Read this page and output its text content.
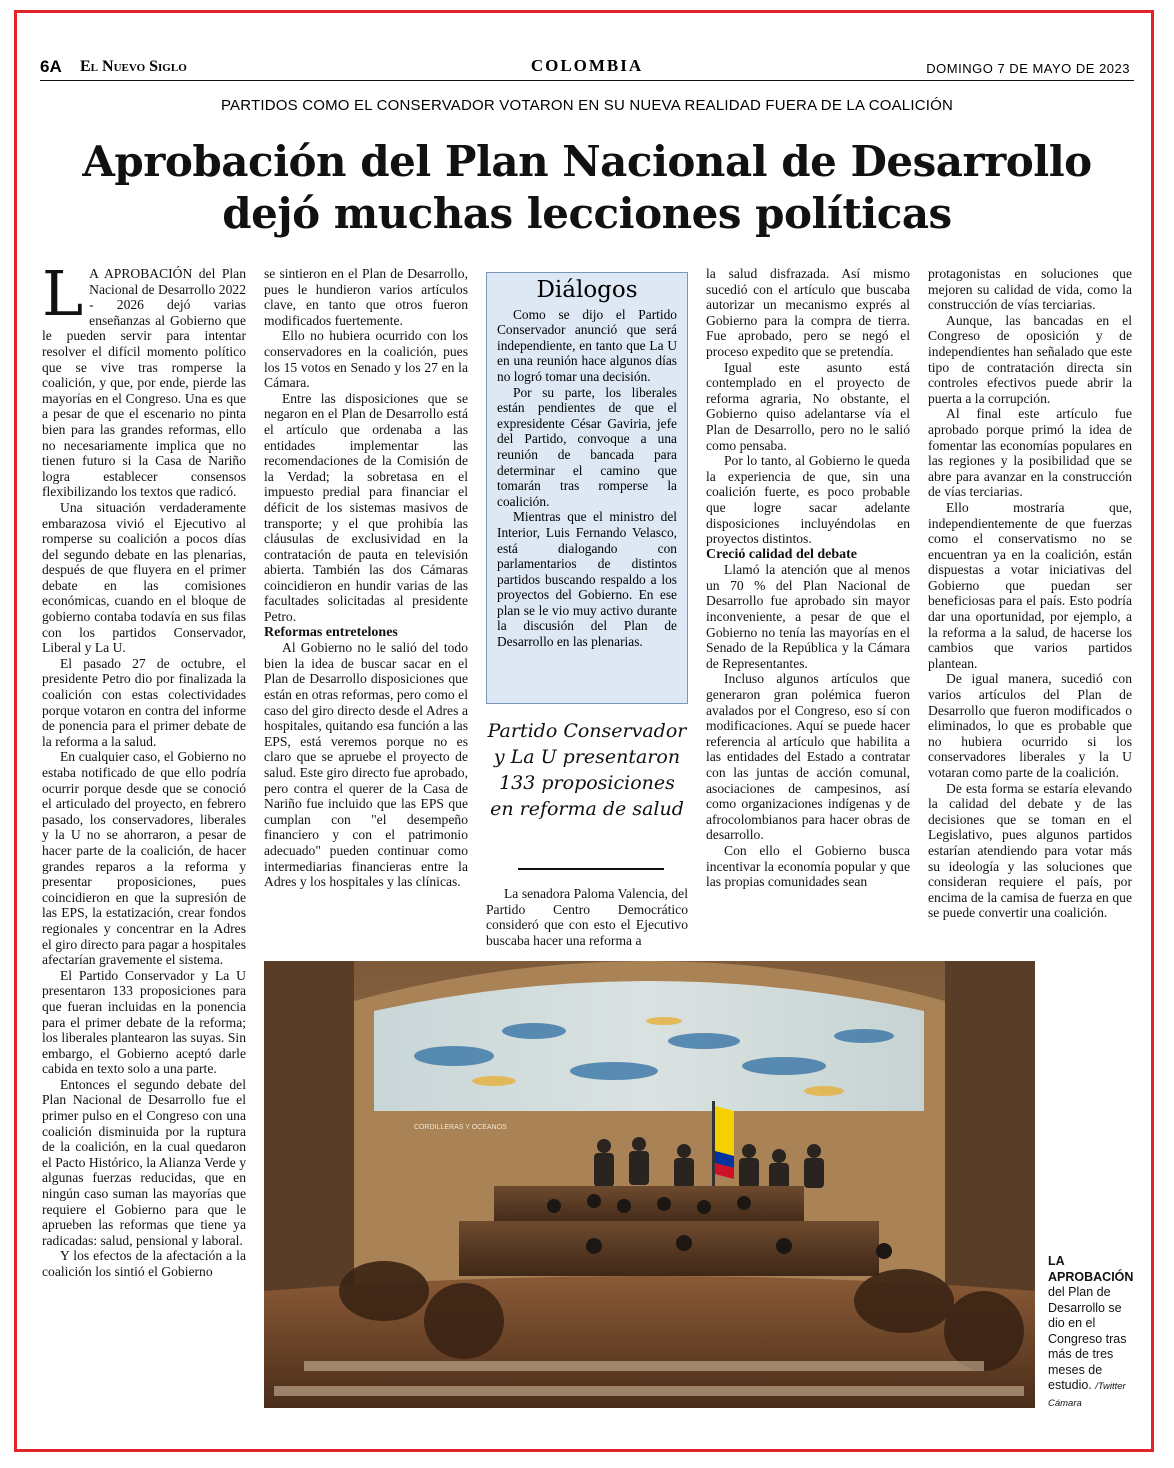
6A El Nuevo Siglo	COLOMBIA	DOMINGO 7 DE MAYO DE 2023
PARTIDOS COMO EL CONSERVADOR VOTARON EN SU NUEVA REALIDAD FUERA DE LA COALICIÓN
Aprobación del Plan Nacional de Desarrollo
dejó muchas lecciones políticas

L A APROBACIÓN del Plan Nacional de Desarrollo 2022 - 2026 dejó varias enseñanzas al Gobierno que le pueden servir para intentar resolver el difícil momento político que se vive tras romperse la coalición, y que, por ende, pierde las mayorías en el Congreso. Una es que a pesar de que el escenario no pinta bien para las grandes reformas, ello no necesariamente implica que no tienen futuro si la Casa de Nariño logra establecer consensos flexibilizando los textos que radicó.

Una situación verdaderamente embarazosa vivió el Ejecutivo al romperse su coalición a pocos días del segundo debate en las plenarias, después de que fluyera en el primer debate en las comisiones económicas, cuando en el bloque de gobierno contaba todavía en sus filas con los partidos Conservador, Liberal y La U.

El pasado 27 de octubre, el presidente Petro dio por finalizada la coalición con estas colectividades porque votaron en contra del informe de ponencia para el primer debate de la reforma a la salud.

En cualquier caso, el Gobierno no estaba notificado de que ello podría ocurrir porque desde que se conoció el articulado del proyecto, en febrero pasado, los conservadores, liberales y la U no se ahorraron, a pesar de hacer parte de la coalición, de hacer grandes reparos a la reforma y presentar proposiciones, pues coincidieron en que la supresión de las EPS, la estatización, crear fondos regionales y concentrar en la Adres el giro directo para pagar a hospitales afectarían gravemente el sistema.

El Partido Conservador y La U presentaron 133 proposiciones para que fueran incluidas en la ponencia para el primer debate de la reforma; los liberales plantearon las suyas. Sin embargo, el Gobierno aceptó darle cabida en texto solo a una parte.

Entonces el segundo debate del Plan Nacional de Desarrollo fue el primer pulso en el Congreso con una coalición disminuida por la ruptura de la coalición, en la cual quedaron el Pacto Histórico, la Alianza Verde y algunas fuerzas reducidas, que en ningún caso suman las mayorías que requiere el Gobierno para que le aprueben las reformas que tiene ya radicadas: salud, pensional y laboral.

Y los efectos de la afectación a la coalición los sintió el Gobierno

se sintieron en el Plan de Desarrollo, pues le hundieron varios artículos clave, en tanto que otros fueron modificados fuertemente.

Ello no hubiera ocurrido con los conservadores en la coalición, pues los 15 votos en Senado y los 27 en la Cámara.

Entre las disposiciones que se negaron en el Plan de Desarrollo está el artículo que ordenaba a las entidades implementar las recomendaciones de la Comisión de la Verdad; la sobretasa en el impuesto predial para financiar el déficit de los sistemas masivos de transporte; y el que prohibía las cláusulas de exclusividad en la contratación de pauta en televisión abierta. También las dos Cámaras coincidieron en hundir varias de las facultades solicitadas al presidente Petro.

Reformas entretelones

Al Gobierno no le salió del todo bien la idea de buscar sacar en el Plan de Desarrollo disposiciones que están en otras reformas, pero como el caso del giro directo desde el Adres a hospitales, quitando esa función a las EPS, está veremos porque no es claro que se apruebe el proyecto de salud. Este giro directo fue aprobado, pero contra el querer de la Casa de Nariño fue incluido que las EPS que cumplan con "el desempeño financiero y con el patrimonio adecuado" pueden continuar como intermediarias financieras entre la Adres y los hospitales y las clínicas.

Diálogos

Como se dijo el Partido Conservador anunció que será independiente, en tanto que La U en una reunión hace algunos días no logró tomar una decisión.

Por su parte, los liberales están pendientes de que el expresidente César Gaviria, jefe del Partido, convoque a una reunión de bancada para determinar el camino que tomarán tras romperse la coalición.

Mientras que el ministro del Interior, Luis Fernando Velasco, está dialogando con parlamentarios de distintos partidos buscando respaldo a los proyectos del Gobierno. En ese plan se le vio muy activo durante la discusión del Plan de Desarrollo en las plenarias.

Partido Conservador y La U presentaron 133 proposiciones en reforma de salud

La senadora Paloma Valencia, del Partido Centro Democrático consideró que con esto el Ejecutivo buscaba hacer una reforma a

la salud disfrazada. Así mismo sucedió con el artículo que buscaba autorizar un mecanismo exprés al Gobierno para la compra de tierra. Fue aprobado, pero se negó el proceso expedito que se pretendía.

Igual este asunto está contemplado en el proyecto de reforma agraria, No obstante, el Gobierno quiso adelantarse vía el Plan de Desarrollo, pero no le salió como pensaba.

Por lo tanto, al Gobierno le queda la experiencia de que, sin una coalición fuerte, es poco probable que logre sacar adelante disposiciones incluyéndolas en proyectos distintos.

Creció calidad del debate

Llamó la atención que al menos un 70 % del Plan Nacional de Desarrollo fue aprobado sin mayor inconveniente, a pesar de que el Gobierno no tenía las mayorías en el Senado de la República y la Cámara de Representantes.

Incluso algunos artículos que generaron gran polémica fueron avalados por el Congreso, eso sí con modificaciones. Aquí se puede hacer referencia al artículo que habilita a las entidades del Estado a contratar con las juntas de acción comunal, asociaciones de campesinos, así como organizaciones indígenas y de afrocolombianos para hacer obras de desarrollo.

Con ello el Gobierno busca incentivar la economía popular y que las propias comunidades sean

protagonistas en soluciones que mejoren su calidad de vida, como la construcción de vías terciarias.

Aunque, las bancadas en el Congreso de oposición y de independientes han señalado que este tipo de contratación directa sin controles efectivos puede abrir la puerta a la corrupción.

Al final este artículo fue aprobado porque primó la idea de fomentar las economías populares en las regiones y la posibilidad que se abre para avanzar en la construcción de vías terciarias.

Ello mostraría que, independientemente de que fuerzas como el conservatismo no se encuentran ya en la coalición, están dispuestas a votar iniciativas del Gobierno que puedan ser beneficiosas para el país. Esto podría dar una oportunidad, por ejemplo, a la reforma a la salud, de hacerse los cambios que varios partidos plantean.

De igual manera, sucedió con varios artículos del Plan de Desarrollo que fueron modificados o eliminados, lo que es probable que no hubiera ocurrido si los conservadores liberales y la U votaran como parte de la coalición.

De esta forma se estaría elevando la calidad del debate y de las decisiones que se toman en el Legislativo, pues algunos partidos estarían atendiendo para votar más su ideología y las soluciones que consideran requiere el país, por encima de la camisa de fuerza en que se puede convertir una coalición.

CORDILLERAS Y OCEANOS
LA APROBACIÓN del Plan de Desarrollo se dio en el Congreso tras más de tres meses de estudio. /Twitter Cámara
